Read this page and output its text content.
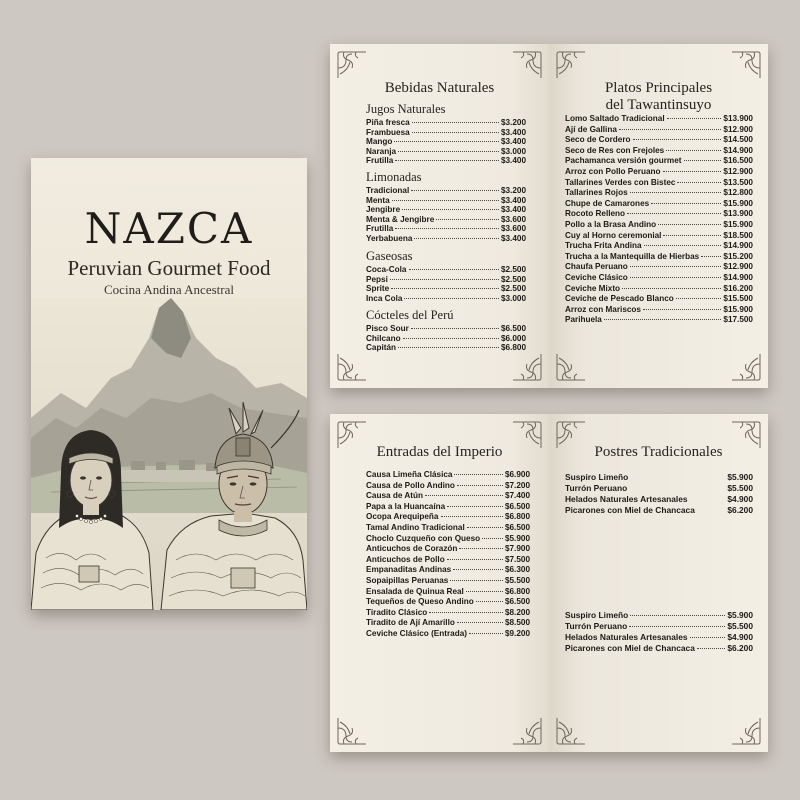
NAZCA
Peruvian Gourmet Food
Cocina Andina Ancestral
Bebidas Naturales
Jugos Naturales
Piña fresca	$3.200
Frambuesa	$3.400
Mango	$3.400
Naranja	$3.000
Frutilla	$3.400
Limonadas
Tradicional	$3.200
Menta	$3.400
Jengibre	$3.400
Menta & Jengibre	$3.600
Frutilla	$3.600
Yerbabuena	$3.400
Gaseosas
Coca-Cola	$2.500
Pepsi	$2.500
Sprite	$2.500
Inca Cola	$3.000
Cócteles del Perú
Pisco Sour	$6.500
Chilcano	$6.000
Capitán	$6.800
Platos Principales
del Tawantinsuyo
Lomo Saltado Tradicional	$13.900
Ají de Gallina	$12.900
Seco de Cordero	$14.500
Seco de Res con Frejoles	$14.900
Pachamanca versión gourmet	$16.500
Arroz con Pollo Peruano	$12.900
Tallarines Verdes con Bistec	$13.500
Tallarines Rojos	$12.800
Chupe de Camarones	$15.900
Rocoto Relleno	$13.900
Pollo a la Brasa Andino	$15.900
Cuy al Horno ceremonial	$18.500
Trucha Frita Andina	$14.900
Trucha a la Mantequilla de Hierbas	$15.200
Chaufa Peruano	$12.900
Ceviche Clásico	$14.900
Ceviche Mixto	$16.200
Ceviche de Pescado Blanco	$15.500
Arroz con Mariscos	$15.900
Parihuela	$17.500
Entradas del Imperio
Causa Limeña Clásica	$6.900
Causa de Pollo Andino	$7.200
Causa de Atún	$7.400
Papa a la Huancaína	$6.500
Ocopa Arequipeña	$6.800
Tamal Andino Tradicional	$6.500
Choclo Cuzqueño con Queso	$5.900
Anticuchos de Corazón	$7.900
Anticuchos de Pollo	$7.500
Empanaditas Andinas	$6.300
Sopaipillas Peruanas	$5.500
Ensalada de Quinua Real	$6.800
Tequeños de Queso Andino	$6.500
Tiradito Clásico	$8.200
Tiradito de Ají Amarillo	$8.500
Ceviche Clásico (Entrada)	$9.200
Postres Tradicionales
Suspiro Limeño	$5.900
Turrón Peruano	$5.500
Helados Naturales Artesanales	$4.900
Picarones con Miel de Chancaca	$6.200
Suspiro Limeño	$5.900
Turrón Peruano	$5.500
Helados Naturales Artesanales	$4.900
Picarones con Miel de Chancaca	$6.200
